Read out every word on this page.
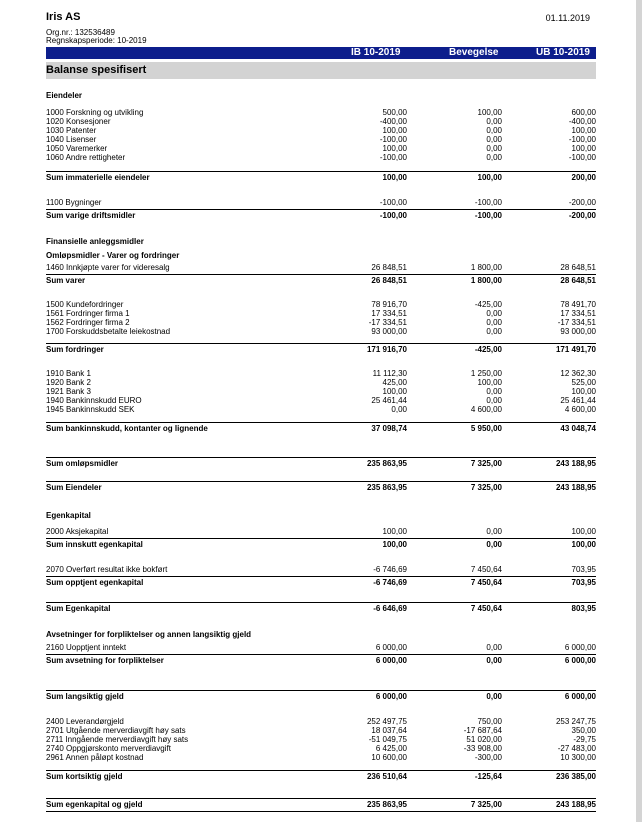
Iris AS	01.11.2019
Org.nr.: 132536489
Regnskapsperiode: 10-2019
IB 10-2019	Bevegelse	UB 10-2019
Balanse spesifisert
Eiendeler
1000 Forskning og utvikling	500,00	100,00	600,00
1020 Konsesjoner	-400,00	0,00	-400,00
1030 Patenter	100,00	0,00	100,00
1040 Lisenser	-100,00	0,00	-100,00
1050 Varemerker	100,00	0,00	100,00
1060 Andre rettigheter	-100,00	0,00	-100,00
Sum immaterielle eiendeler	100,00	100,00	200,00
1100 Bygninger	-100,00	-100,00	-200,00
Sum varige driftsmidler	-100,00	-100,00	-200,00
1460 Innkjøpte varer for videresalg	26 848,51	1 800,00	28 648,51
Sum varer	26 848,51	1 800,00	28 648,51
1500 Kundefordringer	78 916,70	-425,00	78 491,70
1561 Fordringer firma 1	17 334,51	0,00	17 334,51
1562 Fordringer firma 2	-17 334,51	0,00	-17 334,51
1700 Forskuddsbetalte leiekostnad	93 000,00	0,00	93 000,00
Sum fordringer	171 916,70	-425,00	171 491,70
1910 Bank 1	11 112,30	1 250,00	12 362,30
1920 Bank 2	425,00	100,00	525,00
1921 Bank 3	100,00	0,00	100,00
1940 Bankinnskudd EURO	25 461,44	0,00	25 461,44
1945 Bankinnskudd SEK	0,00	4 600,00	4 600,00
Sum bankinnskudd, kontanter og lignende	37 098,74	5 950,00	43 048,74
Sum omløpsmidler	235 863,95	7 325,00	243 188,95
Sum Eiendeler	235 863,95	7 325,00	243 188,95
2000 Aksjekapital	100,00	0,00	100,00
Sum innskutt egenkapital	100,00	0,00	100,00
2070 Overført resultat ikke bokført	-6 746,69	7 450,64	703,95
Sum opptjent egenkapital	-6 746,69	7 450,64	703,95
Sum Egenkapital	-6 646,69	7 450,64	803,95
2160 Uopptjent inntekt	6 000,00	0,00	6 000,00
Sum avsetning for forpliktelser	6 000,00	0,00	6 000,00
Sum langsiktig gjeld	6 000,00	0,00	6 000,00
2400 Leverandørgjeld	252 497,75	750,00	253 247,75
2701 Utgående merverdiavgift høy sats	18 037,64	-17 687,64	350,00
2711 Inngående merverdiavgift høy sats	-51 049,75	51 020,00	-29,75
2740 Oppgjørskonto merverdiavgift	6 425,00	-33 908,00	-27 483,00
2961 Annen påløpt kostnad	10 600,00	-300,00	10 300,00
Sum kortsiktig gjeld	236 510,64	-125,64	236 385,00
Sum egenkapital og gjeld	235 863,95	7 325,00	243 188,95
Finansielle anleggsmidler
Omløpsmidler - Varer og fordringer
Egenkapital
Avsetninger for forpliktelser og annen langsiktig gjeld
